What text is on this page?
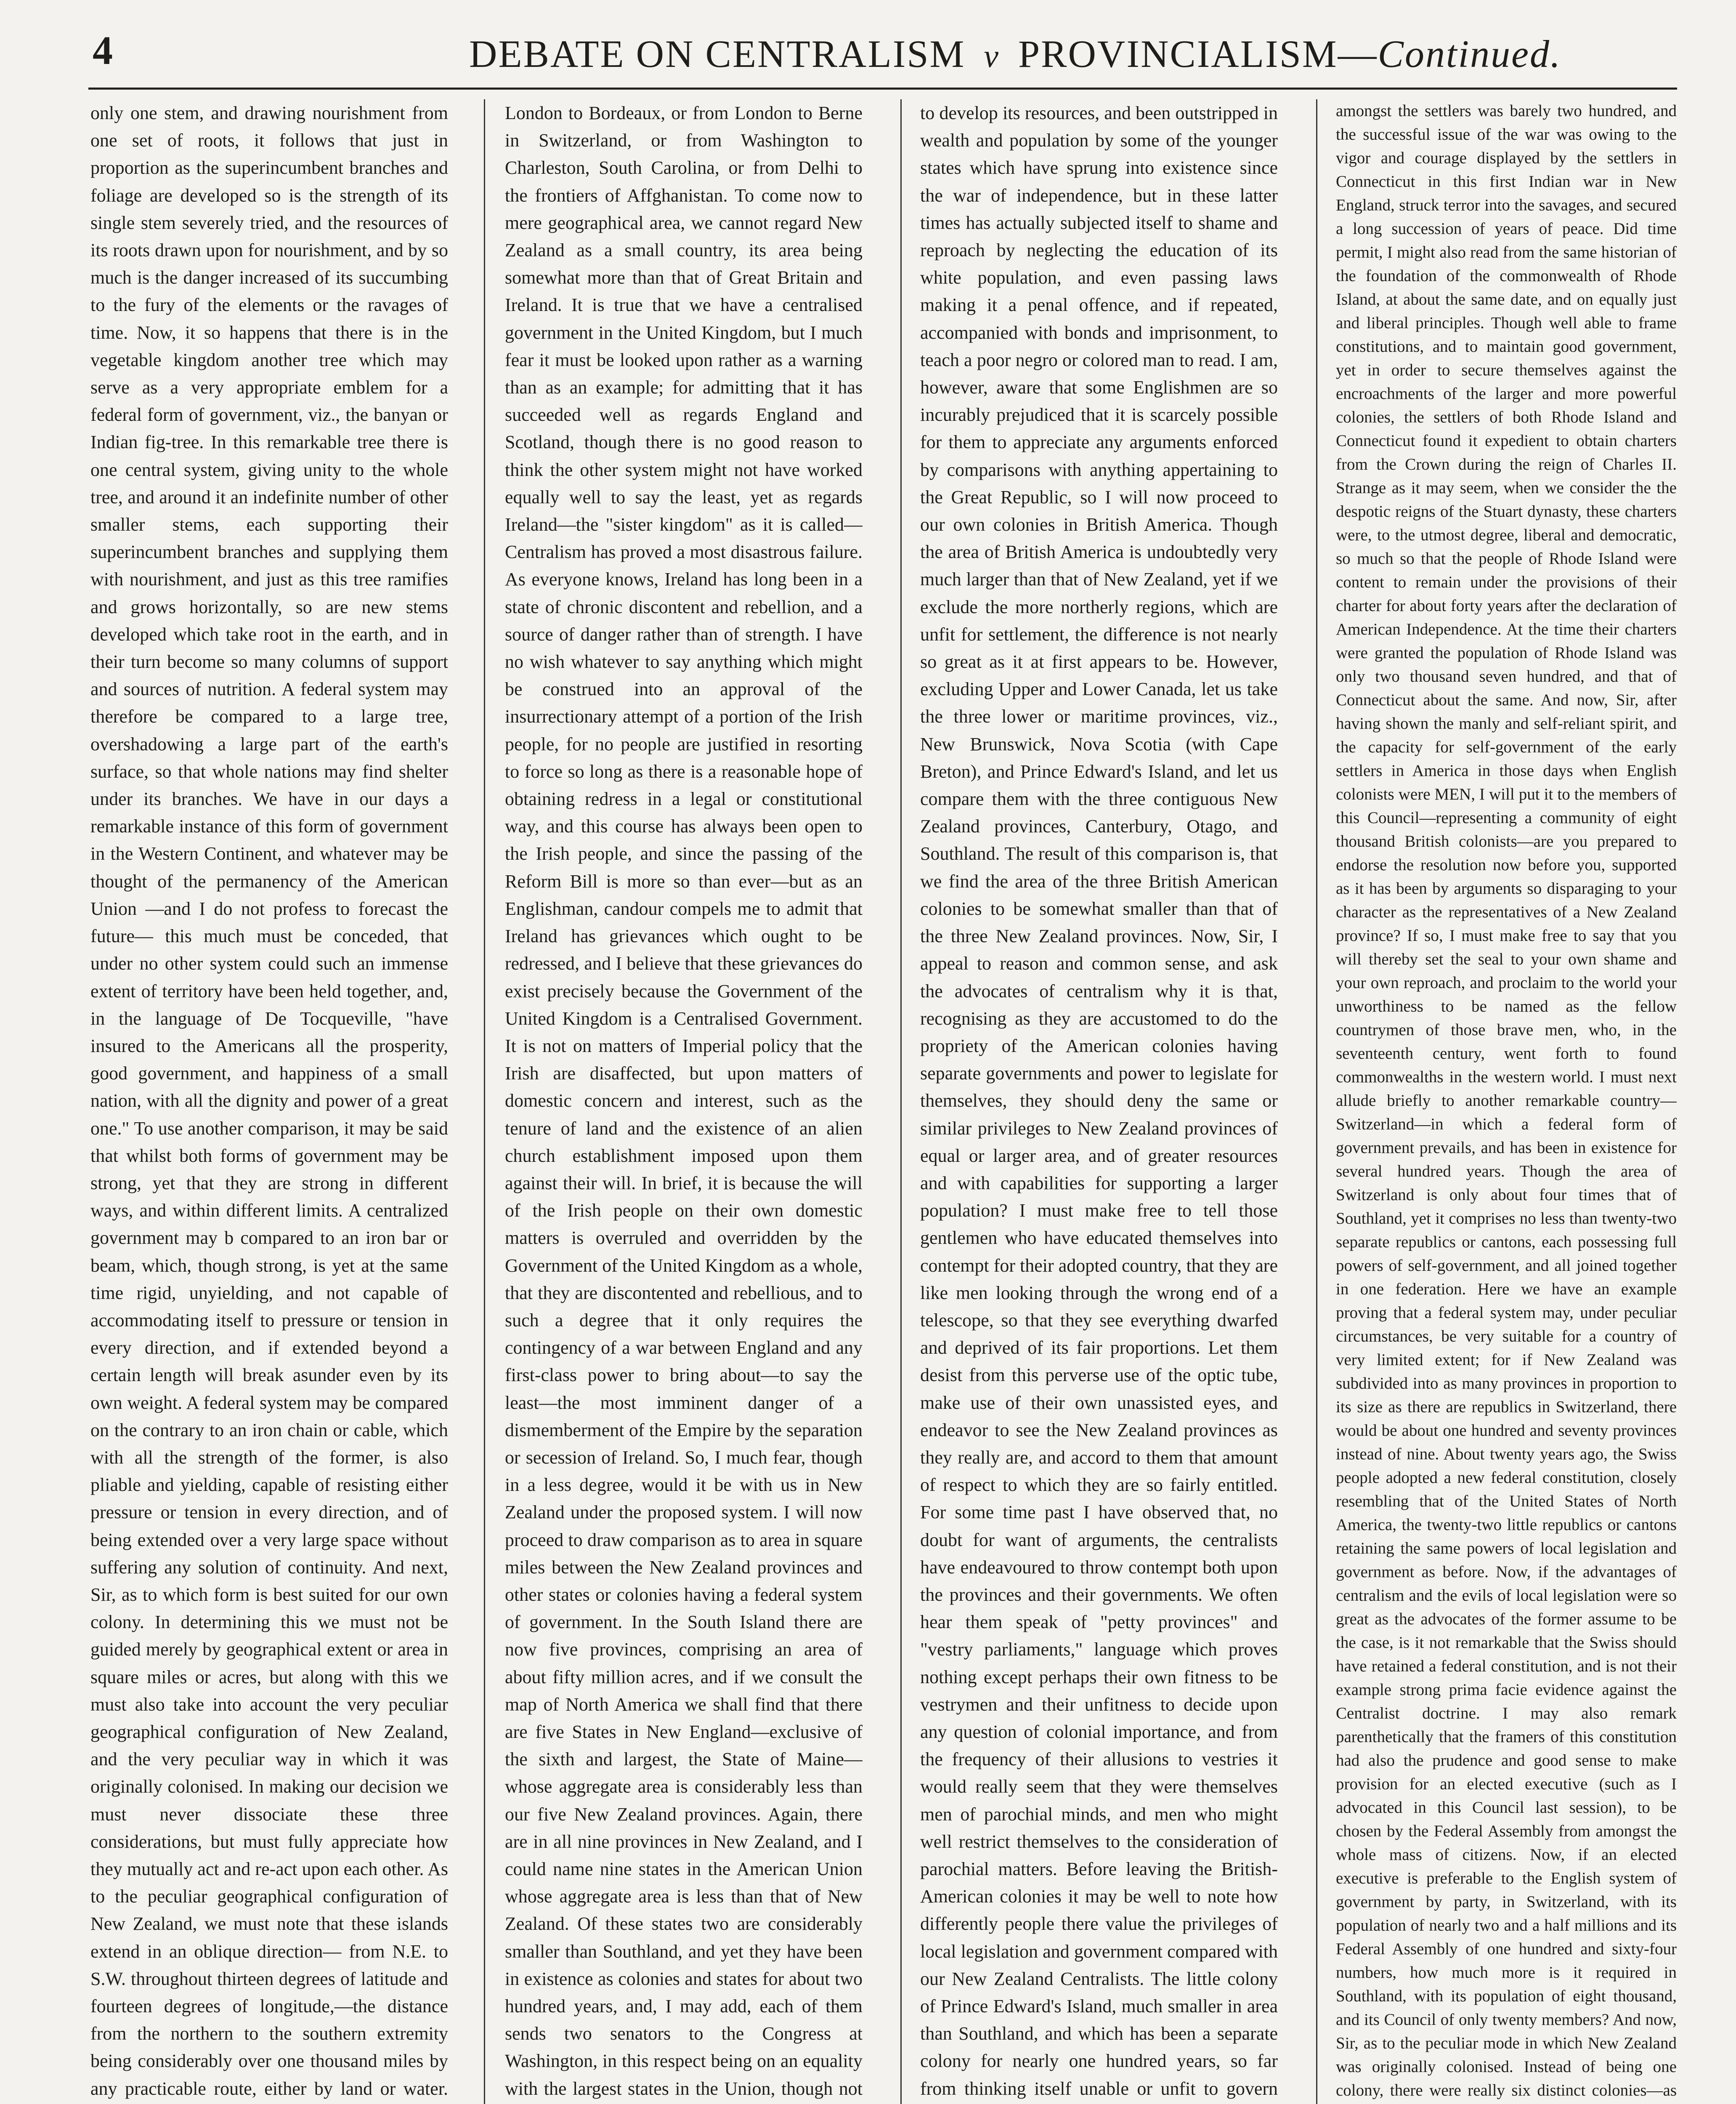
4	DEBATE ON CENTRALISM v PROVINCIALISM—Continued.

only one stem, and drawing nourishment from one set of roots, it follows that just in proportion as the superincumbent branches and foliage are developed so is the strength of its single stem severely tried, and the resources of its roots drawn upon for nourishment, and by so much is the danger increased of its succumbing to the fury of the elements or the ravages of time. Now, it so happens that there is in the vegetable kingdom another tree which may serve as a very appropriate emblem for a federal form of government, viz., the banyan or Indian fig-tree. In this remarkable tree there is one central system, giving unity to the whole tree, and around it an indefinite number of other smaller stems, each supporting their superincumbent branches and supplying them with nourishment, and just as this tree ramifies and grows horizontally, so are new stems developed which take root in the earth, and in their turn become so many columns of support and sources of nutrition. A federal system may therefore be compared to a large tree, overshadowing a large part of the earth's surface, so that whole nations may find shelter under its branches. We have in our days a remarkable instance of this form of government in the Western Continent, and whatever may be thought of the permanency of the American Union —and I do not profess to forecast the future— this much must be conceded, that under no other system could such an immense extent of territory have been held together, and, in the language of De Tocqueville, "have insured to the Americans all the prosperity, good government, and happiness of a small nation, with all the dignity and power of a great one." To use another comparison, it may be said that whilst both forms of government may be strong, yet that they are strong in different ways, and within different limits. A centralized government may b compared to an iron bar or beam, which, though strong, is yet at the same time rigid, unyielding, and not capable of accommodating itself to pressure or tension in every direction, and if extended beyond a certain length will break asunder even by its own weight. A federal system may be compared on the contrary to an iron chain or cable, which with all the strength of the former, is also pliable and yielding, capable of resisting either pressure or tension in every direction, and of being extended over a very large space without suffering any solution of continuity. And next, Sir, as to which form is best suited for our own colony. In determining this we must not be guided merely by geographical extent or area in square miles or acres, but along with this we must also take into account the very peculiar geographical configuration of New Zealand, and the very peculiar way in which it was originally colonised. In making our decision we must never dissociate these three considerations, but must fully appreciate how they mutually act and re-act upon each other. As to the peculiar geographical configuration of New Zealand, we must note that these islands extend in an oblique direction— from N.E. to S.W. throughout thirteen degrees of latitude and fourteen degrees of longitude,—the distance from the northern to the southern extremity being considerably over one thousand miles by any practicable route, either by land or water.

London to Bordeaux, or from London to Berne in Switzerland, or from Washington to Charleston, South Carolina, or from Delhi to the frontiers of Affghanistan. To come now to mere geographical area, we cannot regard New Zealand as a small country, its area being somewhat more than that of Great Britain and Ireland. It is true that we have a centralised government in the United Kingdom, but I much fear it must be looked upon rather as a warning than as an example; for admitting that it has succeeded well as regards England and Scotland, though there is no good reason to think the other system might not have worked equally well to say the least, yet as regards Ireland—the "sister kingdom" as it is called—Centralism has proved a most disastrous failure. As everyone knows, Ireland has long been in a state of chronic discontent and rebellion, and a source of danger rather than of strength. I have no wish whatever to say anything which might be construed into an approval of the insurrectionary attempt of a portion of the Irish people, for no people are justified in resorting to force so long as there is a reasonable hope of obtaining redress in a legal or constitutional way, and this course has always been open to the Irish people, and since the passing of the Reform Bill is more so than ever—but as an Englishman, candour compels me to admit that Ireland has grievances which ought to be redressed, and I believe that these grievances do exist precisely because the Government of the United Kingdom is a Centralised Government. It is not on matters of Imperial policy that the Irish are disaffected, but upon matters of domestic concern and interest, such as the tenure of land and the existence of an alien church establishment imposed upon them against their will. In brief, it is because the will of the Irish people on their own domestic matters is overruled and overridden by the Government of the United Kingdom as a whole, that they are discontented and rebellious, and to such a degree that it only requires the contingency of a war between England and any first-class power to bring about—to say the least—the most imminent danger of a dismemberment of the Empire by the separation or secession of Ireland. So, I much fear, though in a less degree, would it be with us in New Zealand under the proposed system. I will now proceed to draw comparison as to area in square miles between the New Zealand provinces and other states or colonies having a federal system of government. In the South Island there are now five provinces, comprising an area of about fifty million acres, and if we consult the map of North America we shall find that there are five States in New England—exclusive of the sixth and largest, the State of Maine—whose aggregate area is considerably less than our five New Zealand provinces. Again, there are in all nine provinces in New Zealand, and I could name nine states in the American Union whose aggregate area is less than that of New Zealand. Of these states two are considerably smaller than Southland, and yet they have been in existence as colonies and states for about two hundred years, and, I may add, each of them sends two senators to the Congress at Washington, in this respect being on an equality with the largest states in the Union, though not

to develop its resources, and been outstripped in wealth and population by some of the younger states which have sprung into existence since the war of independence, but in these latter times has actually subjected itself to shame and reproach by neglecting the education of its white population, and even passing laws making it a penal offence, and if repeated, accompanied with bonds and imprisonment, to teach a poor negro or colored man to read. I am, however, aware that some Englishmen are so incurably prejudiced that it is scarcely possible for them to appreciate any arguments enforced by comparisons with anything appertaining to the Great Republic, so I will now proceed to our own colonies in British America. Though the area of British America is undoubtedly very much larger than that of New Zealand, yet if we exclude the more northerly regions, which are unfit for settlement, the difference is not nearly so great as it at first appears to be. However, excluding Upper and Lower Canada, let us take the three lower or maritime provinces, viz., New Brunswick, Nova Scotia (with Cape Breton), and Prince Edward's Island, and let us compare them with the three contiguous New Zealand provinces, Canterbury, Otago, and Southland. The result of this comparison is, that we find the area of the three British American colonies to be somewhat smaller than that of the three New Zealand provinces. Now, Sir, I appeal to reason and common sense, and ask the advocates of centralism why it is that, recognising as they are accustomed to do the propriety of the American colonies having separate governments and power to legislate for themselves, they should deny the same or similar privileges to New Zealand provinces of equal or larger area, and of greater resources and with capabilities for supporting a larger population? I must make free to tell those gentlemen who have educated themselves into contempt for their adopted country, that they are like men looking through the wrong end of a telescope, so that they see everything dwarfed and deprived of its fair proportions. Let them desist from this perverse use of the optic tube, make use of their own unassisted eyes, and endeavor to see the New Zealand provinces as they really are, and accord to them that amount of respect to which they are so fairly entitled. For some time past I have observed that, no doubt for want of arguments, the centralists have endeavoured to throw contempt both upon the provinces and their governments. We often hear them speak of "petty provinces" and "vestry parliaments," language which proves nothing except perhaps their own fitness to be vestrymen and their unfitness to decide upon any question of colonial importance, and from the frequency of their allusions to vestries it would really seem that they were themselves men of parochial minds, and men who might well restrict themselves to the consideration of parochial matters. Before leaving the British-American colonies it may be well to note how differently people there value the privileges of local legislation and government compared with our New Zealand Centralists. The little colony of Prince Edward's Island, much smaller in area than Southland, and which has been a separate colony for nearly one hundred years, so far from thinking itself unable or unfit to govern

amongst the settlers was barely two hundred, and the successful issue of the war was owing to the vigor and courage displayed by the settlers in Connecticut in this first Indian war in New England, struck terror into the savages, and secured a long succession of years of peace. Did time permit, I might also read from the same historian of the foundation of the commonwealth of Rhode Island, at about the same date, and on equally just and liberal principles. Though well able to frame constitutions, and to maintain good government, yet in order to secure themselves against the encroachments of the larger and more powerful colonies, the settlers of both Rhode Island and Connecticut found it expedient to obtain charters from the Crown during the reign of Charles II. Strange as it may seem, when we consider the the despotic reigns of the Stuart dynasty, these charters were, to the utmost degree, liberal and democratic, so much so that the people of Rhode Island were content to remain under the provisions of their charter for about forty years after the declaration of American Independence. At the time their charters were granted the population of Rhode Island was only two thousand seven hundred, and that of Connecticut about the same. And now, Sir, after having shown the manly and self-reliant spirit, and the capacity for self-government of the early settlers in America in those days when English colonists were MEN, I will put it to the members of this Council—representing a community of eight thousand British colonists—are you prepared to endorse the resolution now before you, supported as it has been by arguments so disparaging to your character as the representatives of a New Zealand province? If so, I must make free to say that you will thereby set the seal to your own shame and your own reproach, and proclaim to the world your unworthiness to be named as the fellow countrymen of those brave men, who, in the seventeenth century, went forth to found commonwealths in the western world. I must next allude briefly to another remarkable country—Switzerland—in which a federal form of government prevails, and has been in existence for several hundred years. Though the area of Switzerland is only about four times that of Southland, yet it comprises no less than twenty-two separate republics or cantons, each possessing full powers of self-government, and all joined together in one federation. Here we have an example proving that a federal system may, under peculiar circumstances, be very suitable for a country of very limited extent; for if New Zealand was subdivided into as many provinces in proportion to its size as there are republics in Switzerland, there would be about one hundred and seventy provinces instead of nine. About twenty years ago, the Swiss people adopted a new federal constitution, closely resembling that of the United States of North America, the twenty-two little republics or cantons retaining the same powers of local legislation and government as before. Now, if the advantages of centralism and the evils of local legislation were so great as the advocates of the former assume to be the case, is it not remarkable that the Swiss should have retained a federal constitution, and is not their example strong prima facie evidence against the Centralist doctrine. I may also remark parenthetically that the framers of this constitution had also the prudence and good sense to make provision for an elected executive (such as I advocated in this Council last session), to be chosen by the Federal Assembly from amongst the whole mass of citizens. Now, if an elected executive is preferable to the English system of government by party, in Switzerland, with its population of nearly two and a half millions and its Federal Assembly of one hundred and sixty-four numbers, how much more is it required in Southland, with its population of eight thousand, and its Council of only twenty members? And now, Sir, as to the peculiar mode in which New Zealand was originally colonised. Instead of being one colony, there were really six distinct colonies—as
